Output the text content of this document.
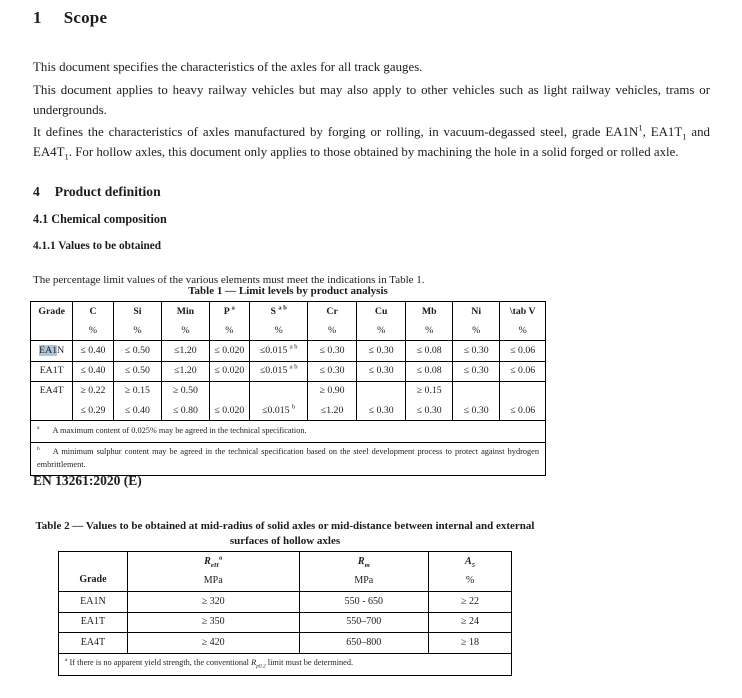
1 Scope

This document specifies the characteristics of the axles for all track gauges.

This document applies to heavy railway vehicles but may also apply to other vehicles such as light railway vehicles, trams or undergrounds.

It defines the characteristics of axles manufactured by forging or rolling, in vacuum-degassed steel, grade $EA1N^1$, $EA1T_1$ and $EA4T_1$. For hollow axles, this document only applies to those obtained by machining the hole in a solid forged or rolled axle.

4 Product definition
4.1 Chemical composition
4.1.1 Values to be obtained

The percentage limit values of the various elements must meet the indications in Table 1.

Table 1 — Limit levels by product analysis
Grade	C	Si	Min	P $^a$	S $^{a b}$	Cr	Cu	Mb	Ni	\tab V
	%	%	%	%	%	%	%	%	%	%
EA1N	≤ 0.40	≤ 0.50	≤1.20	≤ 0.020	≤0.015 $^{a b}$	≤ 0.30	≤ 0.30	≤ 0.08	≤ 0.30	≤ 0.06
EA1T	≤ 0.40	≤ 0.50	≤1.20	≤ 0.020	≤0.015 $^{a b}$	≤ 0.30	≤ 0.30	≤ 0.08	≤ 0.30	≤ 0.06
EA4T	≥ 0.22	≥ 0.15	≥ 0.50			≥ 0.90		≥ 0.15		
	≤ 0.29	≤ 0.40	≤ 0.80	≤ 0.020	≤0.015 $^b$	≤1.20	≤ 0.30	≤ 0.30	≤ 0.30	≤ 0.06
$^a$ A maximum content of 0.025% may be agreed in the technical specification.										
$^b$ A minimum sulphur content may be agreed in the technical specification based on the steel development process to protect against hydrogen embrittlement.										
EN 13261:2020 (E)
Table 2 — Values to be obtained at mid-radius of solid axles or mid-distance between internal and external surfaces of hollow axles
Grade	$R_{eH}^a$	$R_m$	$A_5$
	MPa	MPa	%
EA1N	≥ 320	550 - 650	≥ 22
EA1T	≥ 350	550–700	≥ 24
EA4T	≥ 420	650–800	≥ 18
$^a$ If there is no apparent yield strength, the conventional $R_{p0.2}$ limit must be determined.			
